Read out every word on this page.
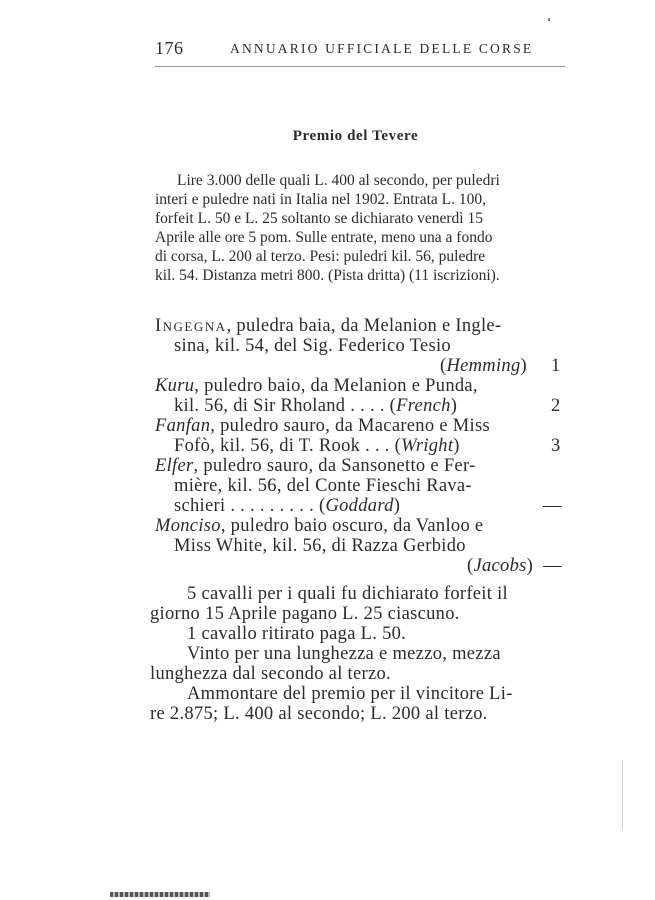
176	ANNUARIO UFFICIALE DELLE CORSE
Premio del Tevere
Lire 3.000 delle quali L. 400 al secondo, per puledri
interi e puledre nati in Italia nel 1902. Entrata L. 100,
forfeit L. 50 e L. 25 soltanto se dichiarato venerdì 15
Aprile alle ore 5 pom. Sulle entrate, meno una a fondo
di corsa, L. 200 al terzo. Pesi: puledri kil. 56, puledre
kil. 54. Distanza metri 800. (Pista dritta) (11 iscrizioni).
Ingegna, puledra baia, da Melanion e Ingle-
sina, kil. 54, del Sig. Federico Tesio
(Hemming) 1
Kuru, puledro baio, da Melanion e Punda,
kil. 56, di Sir Rholand . . . . (French)	2
Fanfan, puledro sauro, da Macareno e Miss
Fofò, kil. 56, di T. Rook . . . (Wright)	3
Elfer, puledro sauro, da Sansonetto e Fer-
mière, kil. 56, del Conte Fieschi Rava-
schieri . . . . . . . . . (Goddard)	—
Monciso, puledro baio oscuro, da Vanloo e
Miss White, kil. 56, di Razza Gerbido
(Jacobs) —
5 cavalli per i quali fu dichiarato forfeit il
giorno 15 Aprile pagano L. 25 ciascuno.
1 cavallo ritirato paga L. 50.
Vinto per una lunghezza e mezzo, mezza
lunghezza dal secondo al terzo.
Ammontare del premio per il vincitore Li-
re 2.875; L. 400 al secondo; L. 200 al terzo.
